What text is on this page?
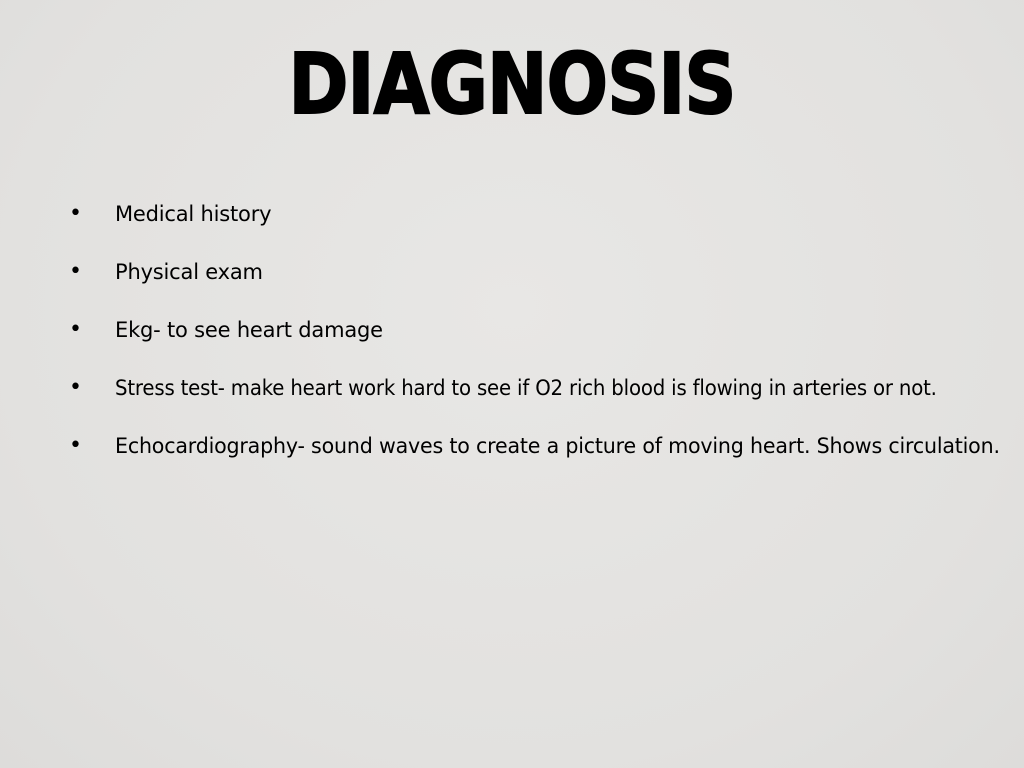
DIAGNOSIS
• Medical history
• Physical exam
• Ekg- to see heart damage
• Stress test- make heart work hard to see if O2 rich blood is flowing in arteries or not.
• Echocardiography- sound waves to create a picture of moving heart. Shows circulation.
